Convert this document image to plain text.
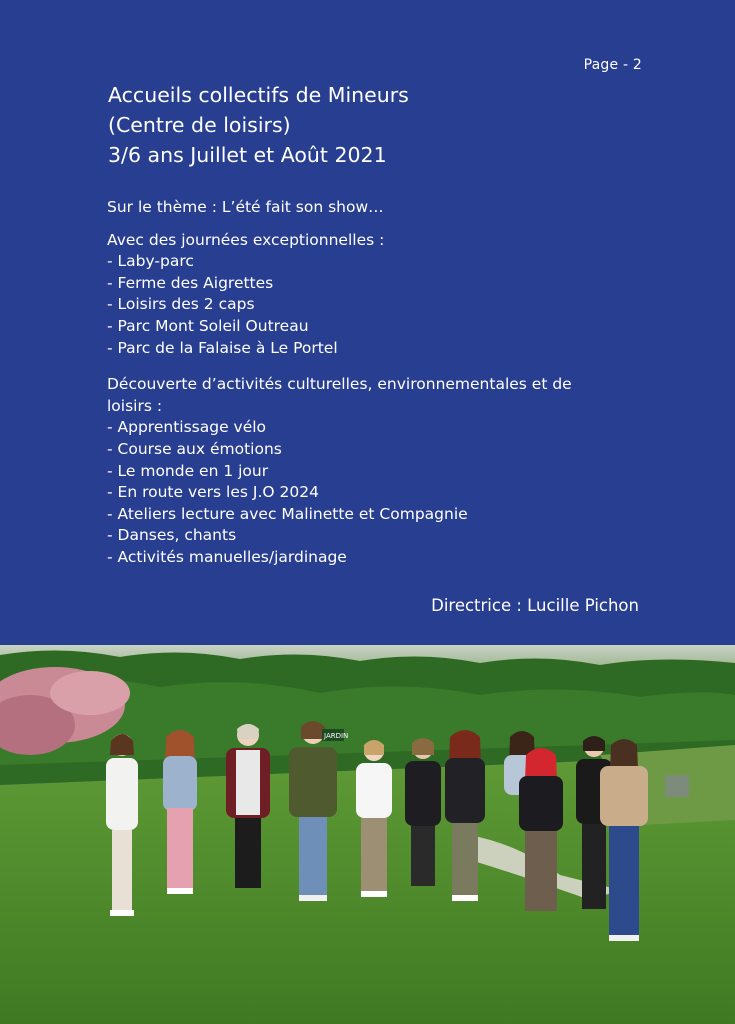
Page - 2
Accueils collectifs de Mineurs
(Centre de loisirs)
3/6 ans Juillet et Août 2021

Sur le thème : L’été fait son show…

Avec des journées exceptionnelles :

- Laby-parc

- Ferme des Aigrettes

- Loisirs des 2 caps

- Parc Mont Soleil Outreau

- Parc de la Falaise à Le Portel

Découverte d’activités culturelles, environnementales et de

loisirs :

- Apprentissage vélo

- Course aux émotions

- Le monde en 1 jour

- En route vers les J.O 2024

- Ateliers lecture avec Malinette et Compagnie

- Danses, chants

- Activités manuelles/jardinage

Directrice : Lucille Pichon
JARDIN
